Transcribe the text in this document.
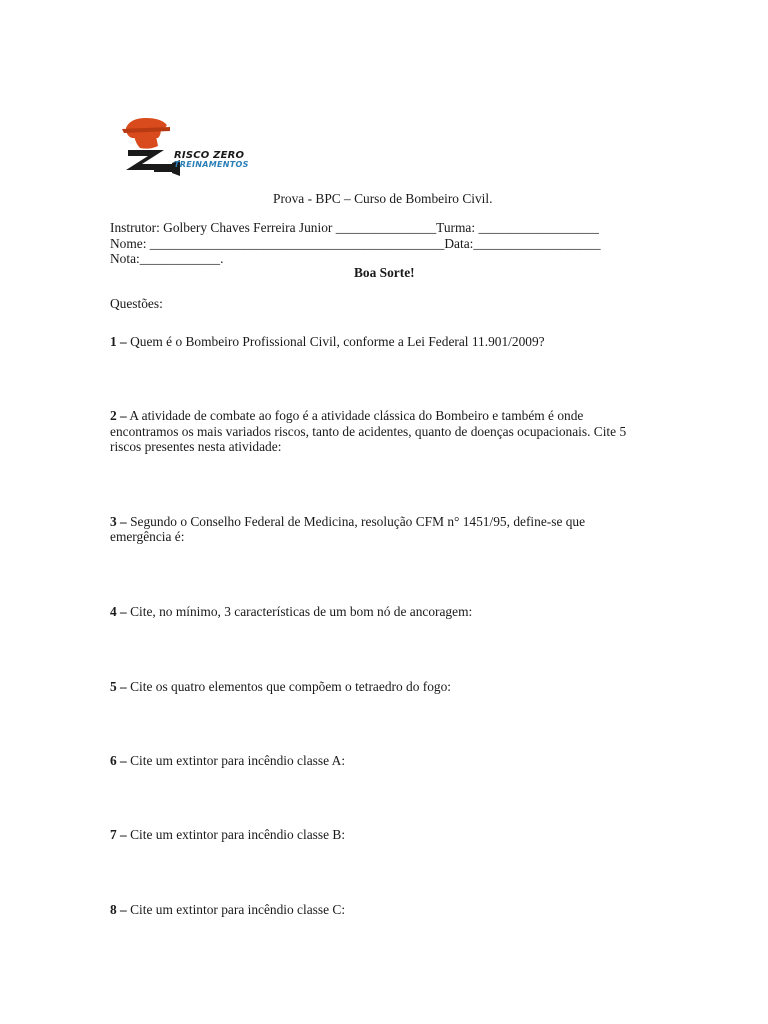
RISCO ZERO
TREINAMENTOS
Prova - BPC – Curso de Bombeiro Civil.
Instrutor: Golbery Chaves Ferreira Junior _______________Turma: __________________
Nome: ____________________________________________Data:___________________
Nota:____________.
Boa Sorte!
Questões:
1 – Quem é o Bombeiro Profissional Civil, conforme a Lei Federal 11.901/2009?
2 – A atividade de combate ao fogo é a atividade clássica do Bombeiro e também é onde
encontramos os mais variados riscos, tanto de acidentes, quanto de doenças ocupacionais. Cite 5
riscos presentes nesta atividade:
3 – Segundo o Conselho Federal de Medicina, resolução CFM n° 1451/95, define-se que
emergência é:
4 – Cite, no mínimo, 3 características de um bom nó de ancoragem:
5 – Cite os quatro elementos que compõem o tetraedro do fogo:
6 – Cite um extintor para incêndio classe A:
7 – Cite um extintor para incêndio classe B:
8 – Cite um extintor para incêndio classe C:
